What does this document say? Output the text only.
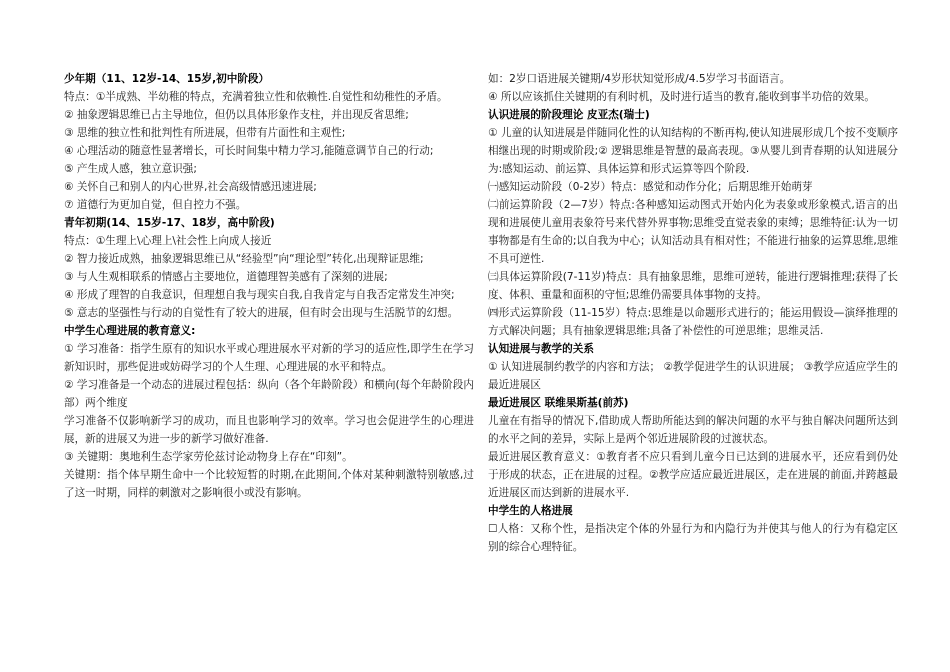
少年期（11、12岁-14、15岁,初中阶段）

特点：①半成熟、半幼稚的特点，充满着独立性和依赖性.自觉性和幼稚性的矛盾。

② 抽象逻辑思维已占主导地位，但仍以具体形象作支柱，并出现反省思维;

③ 思维的独立性和批判性有所进展，但带有片面性和主观性;

④ 心理活动的随意性显著增长，可长时间集中精力学习,能随意调节自己的行动;

⑤ 产生成人感，独立意识强;

⑥ 关怀自己和别人的内心世界,社会高级情感迅速进展;

⑦ 道德行为更加自觉，但自控力不强。

青年初期(14、15岁-17、18岁，高中阶段)

特点：①生理上\心理上\社会性上向成人接近

② 智力接近成熟，抽象逻辑思维已从“经验型”向“理论型”转化,出现辩证思维;

③ 与人生观相联系的情感占主要地位，道德理智美感有了深刻的进展;

④ 形成了理智的自我意识，但理想自我与现实自我,自我肯定与自我否定常发生冲突;

⑤ 意志的坚强性与行动的自觉性有了较大的进展，但有时会出现与生活脱节的幻想。

中学生心理进展的教育意义:

① 学习准备：指学生原有的知识水平或心理进展水平对新的学习的适应性,即学生在学习新知识时，那些促进或妨碍学习的个人生理、心理进展的水平和特点。

② 学习准备是一个动态的进展过程包括：纵向（各个年龄阶段）和横向(每个年龄阶段内部）两个维度

学习准备不仅影响新学习的成功，而且也影响学习的效率。学习也会促进学生的心理进展，新的进展又为进一步的新学习做好准备.

③ 关键期：奥地利生态学家劳伦兹讨论动物身上存在“印刻”。

关键期：指个体早期生命中一个比较短暂的时期,在此期间,个体对某种刺激特别敏感,过了这一时期，同样的刺激对之影响很小或没有影响。

如：2岁口语进展关键期/4岁形状知觉形成/4.5岁学习书面语言。

④ 所以应该抓住关键期的有利时机，及时进行适当的教育,能收到事半功倍的效果。

认识进展的阶段理论 皮亚杰(瑞士)

① 儿童的认知进展是伴随同化性的认知结构的不断再构,使认知进展形成几个按不变顺序相继出现的时期或阶段;② 逻辑思维是智慧的最高表现。③从婴儿到青春期的认知进展分为:感知运动、前运算、具体运算和形式运算等四个阶段.

㈠感知运动阶段（0-2岁）特点：感觉和动作分化；后期思维开始萌芽

㈡前运算阶段（2—7岁）特点:各种感知运动图式开始内化为表象或形象模式,语言的出现和进展使儿童用表象符号来代替外界事物;思维受直觉表象的束缚；思维特征:认为一切事物都是有生命的;以自我为中心；认知活动具有相对性；不能进行抽象的运算思维,思维不具可逆性.

㈢具体运算阶段(7-11岁)特点：具有抽象思维，思维可逆转，能进行逻辑推理;获得了长度、体积、重量和面积的守恒;思维仍需要具体事物的支持。

㈣形式运算阶段（11-15岁）特点:思维是以命题形式进行的；能运用假设—演绎推理的方式解决问题；具有抽象逻辑思维;具备了补偿性的可逆思维；思维灵活.

认知进展与教学的关系

① 认知进展制约教学的内容和方法； ②教学促进学生的认识进展； ③教学应适应学生的最近进展区

最近进展区 联维果斯基(前苏)

儿童在有指导的情况下,借助成人帮助所能达到的解决问题的水平与独自解决问题所达到的水平之间的差异，实际上是两个邻近进展阶段的过渡状态。

最近进展区教育意义：①教育者不应只看到儿童今日已达到的进展水平，还应看到仍处于形成的状态，正在进展的过程。②教学应适应最近进展区，走在进展的前面,并跨越最近进展区而达到新的进展水平.

中学生的人格进展

☐人格：又称个性，是指决定个体的外显行为和内隐行为并使其与他人的行为有稳定区别的综合心理特征。
